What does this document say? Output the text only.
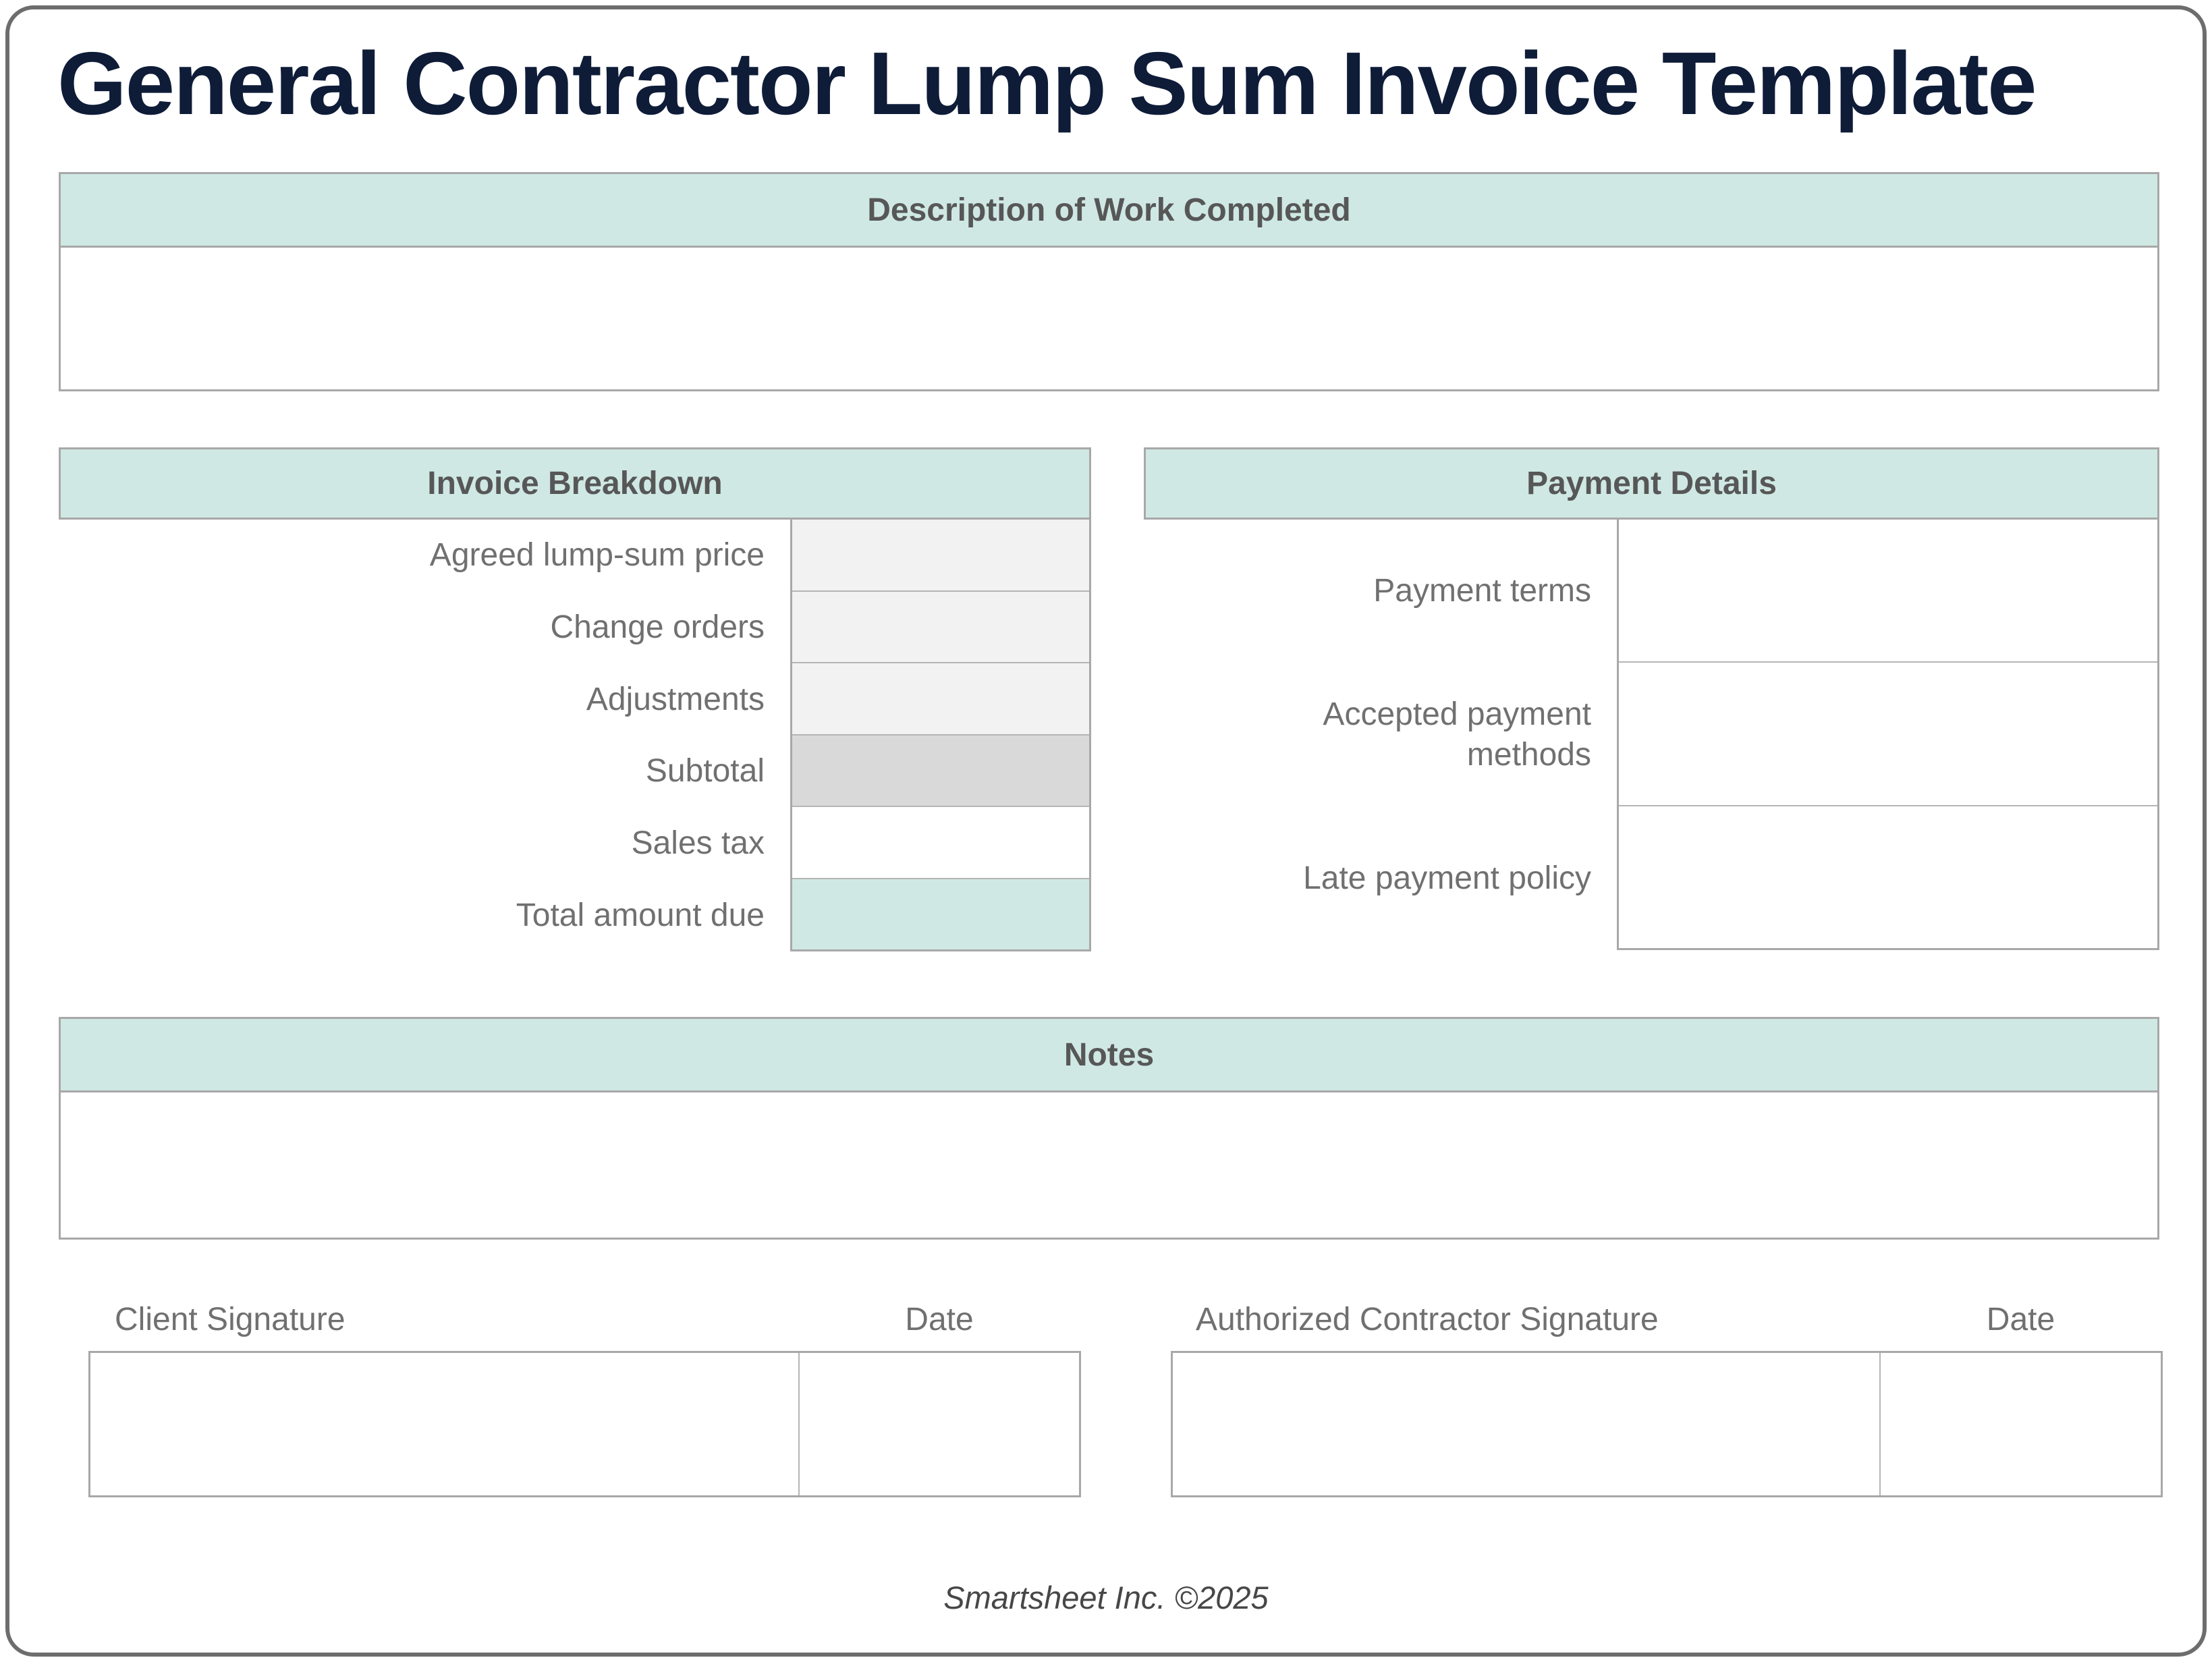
General Contractor Lump Sum Invoice Template
Description of Work Completed
Invoice Breakdown
Agreed lump-sum price
Change orders
Adjustments
Subtotal
Sales tax
Total amount due
Payment Details
Payment terms
Accepted payment methods
Late payment policy
Notes
Client Signature	Date	Authorized Contractor Signature	Date
Smartsheet Inc. ©2025
